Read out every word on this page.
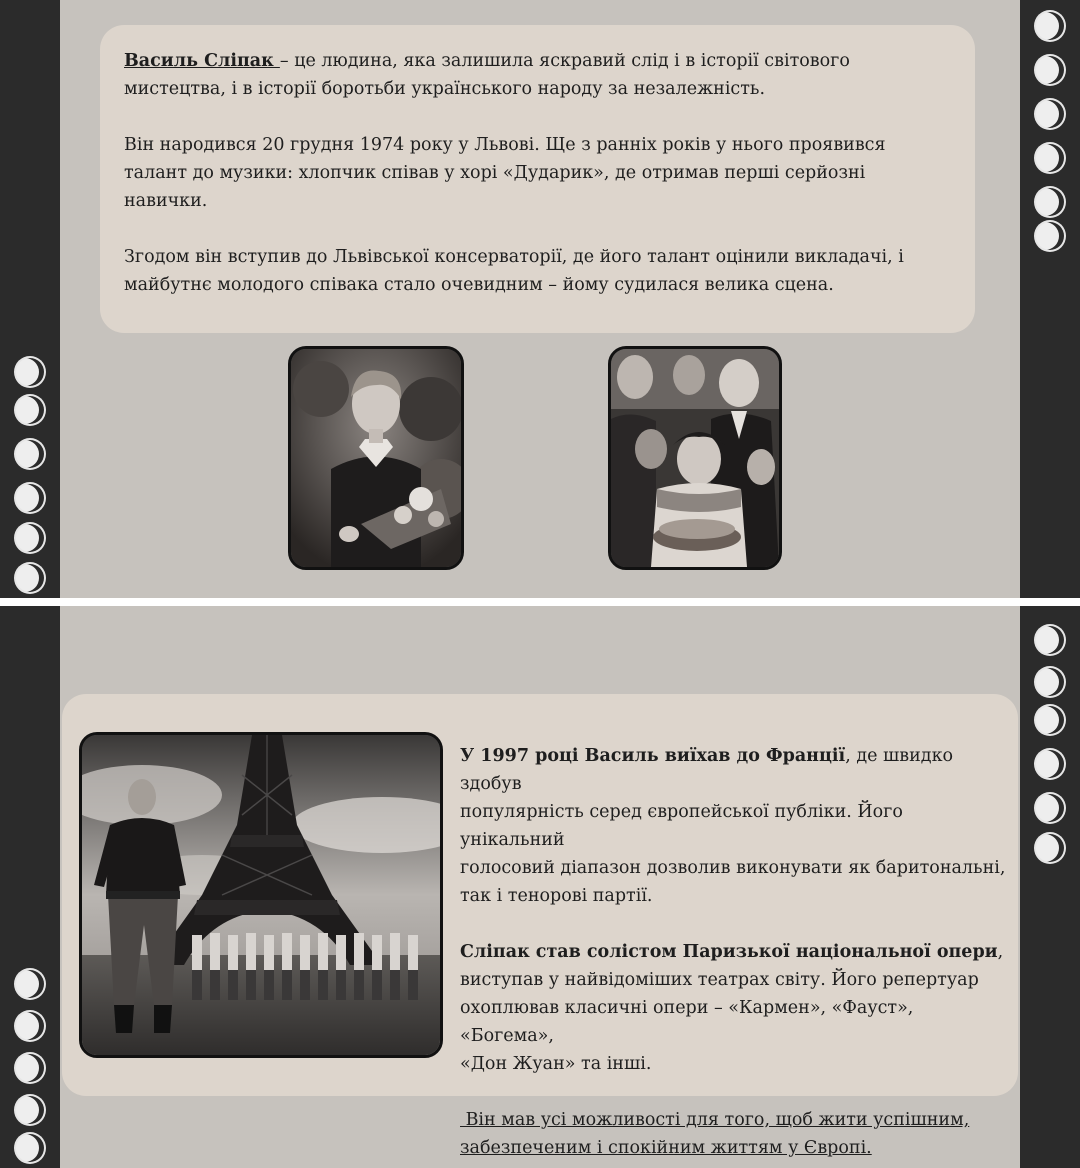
Василь Сліпак – це людина, яка залишила яскравий слід і в історії світового
мистецтва, і в історії боротьби українського народу за незалежність.
Він народився 20 грудня 1974 року у Львові. Ще з ранніх років у нього проявився
талант до музики: хлопчик співав у хорі «Дударик», де отримав перші серйозні
навички.
Згодом він вступив до Львівської консерваторії, де його талант оцінили викладачі, і
майбутнє молодого співака стало очевидним – йому судилася велика сцена.
У 1997 році Василь виїхав до Франції, де швидко здобув
популярність серед європейської публіки. Його унікальний
голосовий діапазон дозволив виконувати як баритональні,
так і тенорові партії.
Сліпак став солістом Паризької національної опери,
виступав у найвідоміших театрах світу. Його репертуар
охоплював класичні опери – «Кармен», «Фауст», «Богема»,
«Дон Жуан» та інші.
Він мав усі можливості для того, щоб жити успішним,
забезпеченим і спокійним життям у Європі.
